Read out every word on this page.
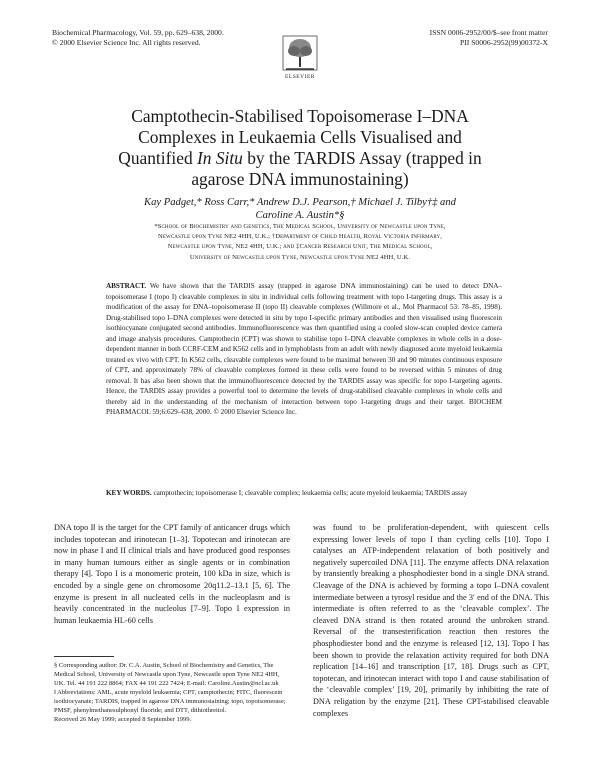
Biochemical Pharmacology, Vol. 59, pp. 629–638, 2000.
© 2000 Elsevier Science Inc. All rights reserved.
ISSN 0006-2952/00/$–see front matter
PII S0006-2952(99)00372-X
ELSEVIER
Camptothecin-Stabilised Topoisomerase I–DNA
Complexes in Leukaemia Cells Visualised and
Quantified In Situ by the TARDIS Assay (trapped in
agarose DNA immunostaining)
Kay Padget,* Ross Carr,* Andrew D.J. Pearson,† Michael J. Tilby†‡ and
Caroline A. Austin*§
*School of Biochemistry and Genetics, The Medical School, University of Newcastle upon Tyne,
Newcastle upon Tyne NE2 4HH, U.K.; †Department of Child Health, Royal Victoria Infirmary,
Newcastle upon Tyne, NE2 4HH, U.K.; and ‡Cancer Research Unit, The Medical School,
University of Newcastle upon Tyne, Newcastle upon Tyne NE2 4HH, U.K.
ABSTRACT. We have shown that the TARDIS assay (trapped in agarose DNA immunostaining) can be used to detect DNA–topoisomerase I (topo I) cleavable complexes in situ in individual cells following treatment with topo I-targeting drugs. This assay is a modification of the assay for DNA–topoisomerase II (topo II) cleavable complexes (Willmore et al., Mol Pharmacol 53: 78–85, 1998). Drug-stabilised topo I–DNA complexes were detected in situ by topo I-specific primary antibodies and then visualised using fluorescein isothiocyanate conjugated second antibodies. Immunofluorescence was then quantified using a cooled slow-scan coupled device camera and image analysis procedures. Camptothecin (CPT) was shown to stabilise topo I–DNA cleavable complexes in whole cells in a dose-dependent manner in both CCRF-CEM and K562 cells and in lymphoblasts from an adult with newly diagnosed acute myeloid leukaemia treated ex vivo with CPT. In K562 cells, cleavable complexes were found to be maximal between 30 and 90 minutes continuous exposure of CPT, and approximately 78% of cleavable complexes formed in these cells were found to be reversed within 5 minutes of drug removal. It has also been shown that the immunofluorescence detected by the TARDIS assay was specific for topo I-targeting agents. Hence, the TARDIS assay provides a powerful tool to determine the levels of drug-stabilised cleavable complexes in whole cells and thereby aid in the understanding of the mechanism of interaction between topo I-targeting drugs and their target. BIOCHEM PHARMACOL 59;6:629–638, 2000. © 2000 Elsevier Science Inc.
KEY WORDS. camptothecin; topoisomerase I; cleavable complex; leukaemia cells; acute myeloid leukaemia; TARDIS assay

DNA topo I‖ is the target for the CPT family of anticancer drugs which includes topotecan and irinotecan [1–3]. Topotecan and irinotecan are now in phase I and II clinical trials and have produced good responses in many human tumours either as single agents or in combination therapy [4]. Topo I is a monomeric protein, 100 kDa in size, which is encoded by a single gene on chromosome 20q11.2–13.1 [5, 6]. The enzyme is present in all nucleated cells in the nucleoplasm and is heavily concentrated in the nucleolus [7–9]. Topo I expression in human leukaemia HL-60 cells

was found to be proliferation-dependent, with quiescent cells expressing lower levels of topo I than cycling cells [10]. Topo I catalyses an ATP-independent relaxation of both positively and negatively supercoiled DNA [11]. The enzyme affects DNA relaxation by transiently breaking a phosphodiester bond in a single DNA strand. Cleavage of the DNA is achieved by forming a topo I–DNA covalent intermediate between a tyrosyl residue and the 3′ end of the DNA. This intermediate is often referred to as the ‘cleavable complex’. The cleaved DNA strand is then rotated around the unbroken strand. Reversal of the transesterification reaction then restores the phosphodiester bond and the enzyme is released [12, 13]. Topo I has been shown to provide the relaxation activity required for both DNA replication [14–16] and transcription [17, 18]. Drugs such as CPT, topotecan, and irinotecan interact with topo I and cause stabilisation of the ‘cleavable complex’ [19, 20], primarily by inhibiting the rate of DNA religation by the enzyme [21]. These CPT-stabilised cleavable complexes

§ Corresponding author: Dr. C.A. Austin, School of Biochemistry and Genetics, The Medical School, University of Newcastle upon Tyne, Newcastle upon Tyne NE2 4HH, UK. Tel. 44 191 222 8864; FAX 44 191 222 7424; E-mail: Caroline.Austin@ncl.ac.uk

‖ Abbreviations: AML, acute myeloid leukaemia; CPT, camptothecin; FITC, fluorescein isothiocyanate; TARDIS, trapped in agarose DNA immunostaining; topo, topoisomerase; PMSF, phenylmethanesulphonyl fluoride; and DTT, dithiothreitol.

Received 26 May 1999; accepted 8 September 1999.
